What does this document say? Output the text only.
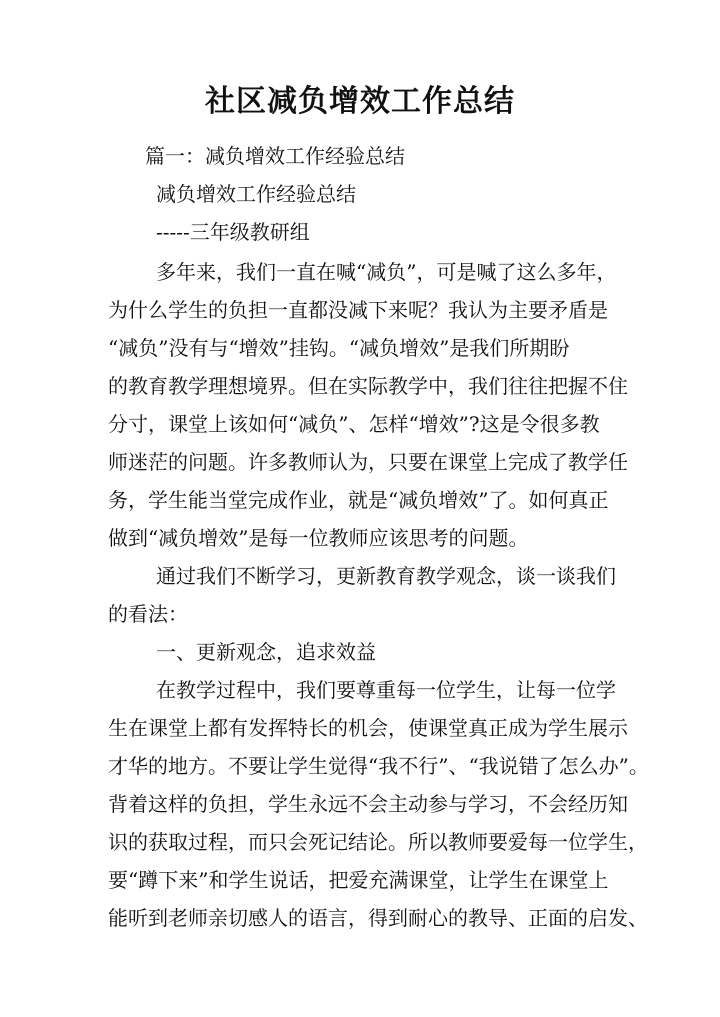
社区减负增效工作总结
篇一：减负增效工作经验总结
减负增效工作经验总结
-----三年级教研组
多年来，我们一直在喊“减负”，可是喊了这么多年，
为什么学生的负担一直都没减下来呢？我认为主要矛盾是
“减负”没有与“增效”挂钩。“减负增效”是我们所期盼
的教育教学理想境界。但在实际教学中，我们往往把握不住
分寸，课堂上该如何“减负”、怎样“增效”?这是令很多教
师迷茫的问题。许多教师认为，只要在课堂上完成了教学任
务，学生能当堂完成作业，就是“减负增效”了。如何真正
做到“减负增效”是每一位教师应该思考的问题。
通过我们不断学习，更新教育教学观念，谈一谈我们
的看法：
一、更新观念，追求效益
在教学过程中，我们要尊重每一位学生，让每一位学
生在课堂上都有发挥特长的机会，使课堂真正成为学生展示
才华的地方。不要让学生觉得“我不行”、“我说错了怎么办”。
背着这样的负担，学生永远不会主动参与学习，不会经历知
识的获取过程，而只会死记结论。所以教师要爱每一位学生，
要“蹲下来”和学生说话，把爱充满课堂，让学生在课堂上
能听到老师亲切感人的语言，得到耐心的教导、正面的启发、
